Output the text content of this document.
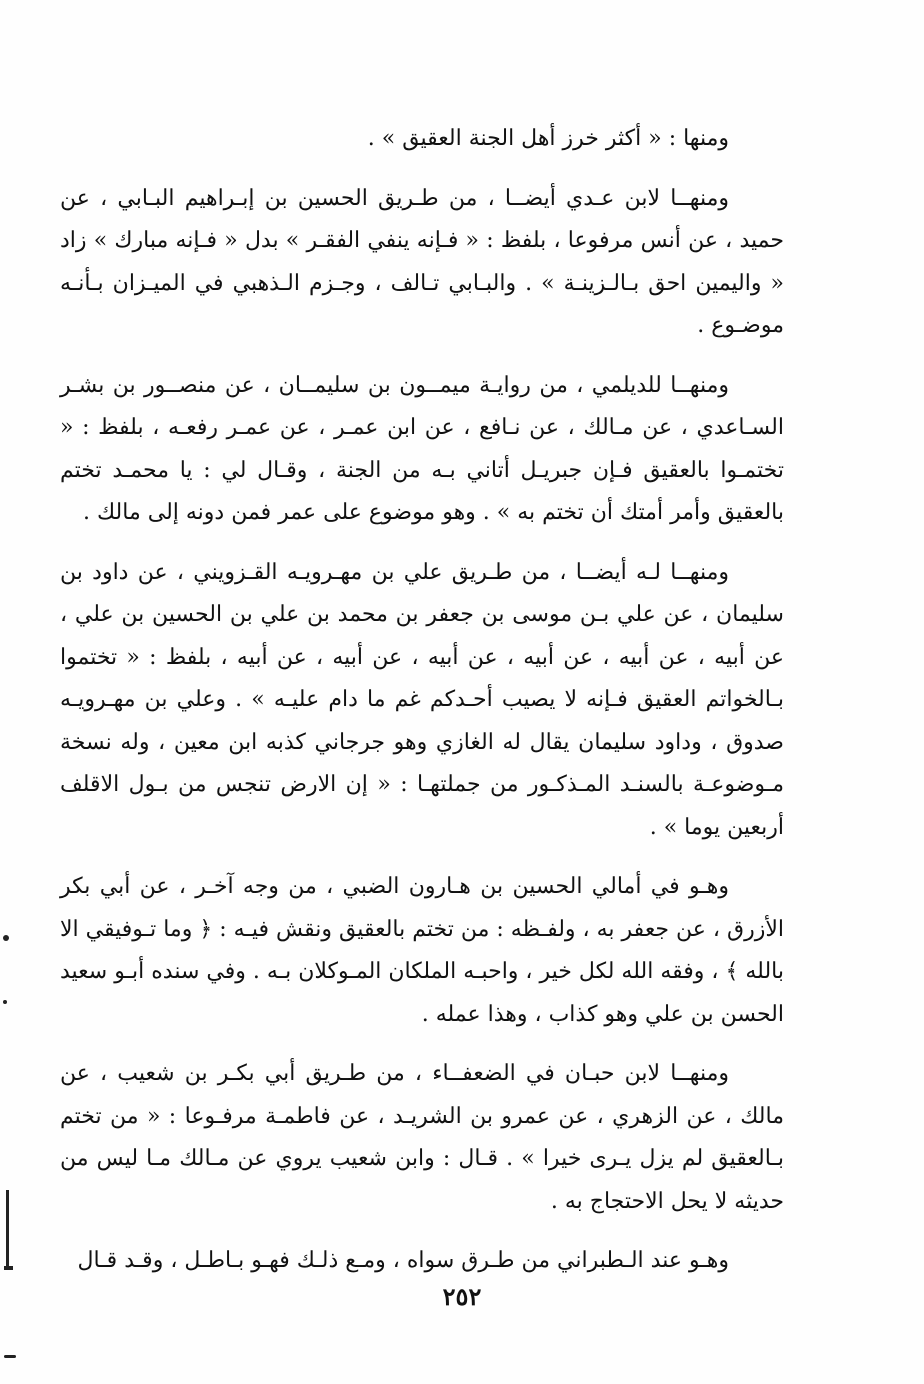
ومنها : « أكثر خرز أهل الجنة العقيق » .

ومنهــا لابن عـدي أيضــا ، من طـريق الحسين بن إبـراهيم البـابي ، عن حميد ، عن أنس مرفوعا ، بلفظ : « فـإنه ينفي الفقـر » بدل « فـإنه مبارك » زاد « واليمين احق بـالـزينـة » . والبـابي تـالف ، وجـزم الـذهبي في الميـزان بـأنـه موضـوع .

ومنهــا للديلمي ، من روايـة ميمــون بن سليمــان ، عن منصــور بن بشـر السـاعدي ، عن مـالك ، عن نـافع ، عن ابن عمـر ، عن عمـر رفعـه ، بلفظ : « تختمـوا بالعقيق فـإن جبريـل أتاني بـه من الجنة ، وقـال لي : يا محمـد تختم بالعقيق وأمر أمتك أن تختم به » . وهو موضوع على عمر فمن دونه إلى مالك .

ومنهــا لـه أيضــا ، من طـريق علي بن مهـرويـه القـزويني ، عن داود بن سليمان ، عن علي بـن موسى بن جعفر بن محمد بن علي بن الحسين بن علي ، عن أبيه ، عن أبيه ، عن أبيه ، عن أبيه ، عن أبيه ، عن أبيه ، بلفظ : « تختموا بـالخواتم العقيق فـإنه لا يصيب أحـدكم غم ما دام عليـه » . وعلي بن مهـرويـه صدوق ، وداود سليمان يقال له الغازي وهو جرجاني كذبه ابن معين ، وله نسخة مـوضوعـة بالسنـد المـذكـور من جملتهـا : « إن الارض تنجس من بـول الاقلف أربعين يوما » .

وهـو في أمالي الحسين بن هـارون الضبي ، من وجه آخـر ، عن أبي بكر الأزرق ، عن جعفر به ، ولفـظه : من تختم بالعقيق ونقش فيـه : ﴿ وما تـوفيقي الا بالله ﴾ ، وفقه الله لكل خير ، واحبـه الملكان المـوكلان بـه . وفي سنده أبـو سعيد الحسن بن علي وهو كذاب ، وهذا عمله .

ومنهــا لابن حبـان في الضعفــاء ، من طـريق أبي بكـر بن شعيب ، عن مالك ، عن الزهري ، عن عمرو بن الشريـد ، عن فاطمـة مرفـوعا : « من تختم بـالعقيق لم يزل يـرى خيرا » . قـال : وابن شعيب يروي عن مـالك مـا ليس من حديثه لا يحل الاحتجاج به .

وهـو عند الـطبراني من طـرق سواه ، ومـع ذلـك فهـو بـاطـل ، وقـد قـال

٢٥٢
